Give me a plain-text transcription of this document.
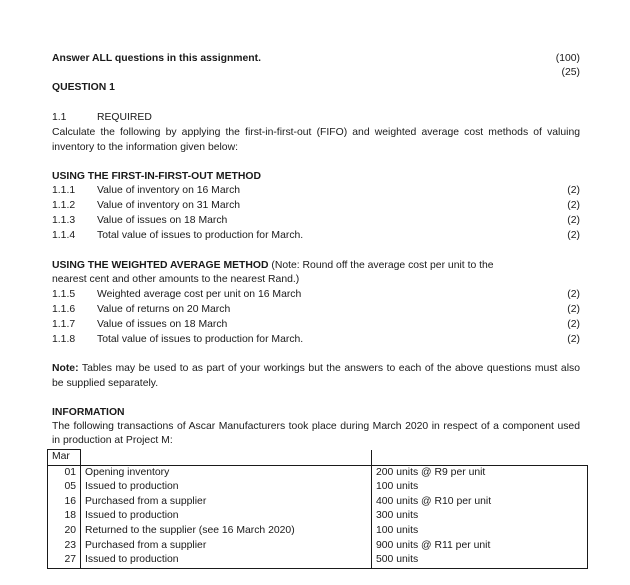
Answer ALL questions in this assignment.	(100)
(25)
QUESTION 1
1.1	REQUIRED
Calculate the following by applying the first-in-first-out (FIFO) and weighted average cost methods of valuing inventory to the information given below:
USING THE FIRST-IN-FIRST-OUT METHOD
1.1.1 Value of inventory on 16 March	(2)
1.1.2 Value of inventory on 31 March	(2)
1.1.3 Value of issues on 18 March	(2)
1.1.4 Total value of issues to production for March.	(2)
USING THE WEIGHTED AVERAGE METHOD (Note: Round off the average cost per unit to the
nearest cent and other amounts to the nearest Rand.)
1.1.5 Weighted average cost per unit on 16 March	(2)
1.1.6 Value of returns on 20 March	(2)
1.1.7 Value of issues on 18 March	(2)
1.1.8 Total value of issues to production for March.	(2)
Note: Tables may be used to as part of your workings but the answers to each of the above questions must also be supplied separately.
INFORMATION
The following transactions of Ascar Manufacturers took place during March 2020 in respect of a component used in production at Project M:
Mar		
01	Opening inventory	200 units @ R9 per unit
05	Issued to production	100 units
16	Purchased from a supplier	400 units @ R10 per unit
18	Issued to production	300 units
20	Returned to the supplier (see 16 March 2020)	100 units
23	Purchased from a supplier	900 units @ R11 per unit
27	Issued to production	500 units
